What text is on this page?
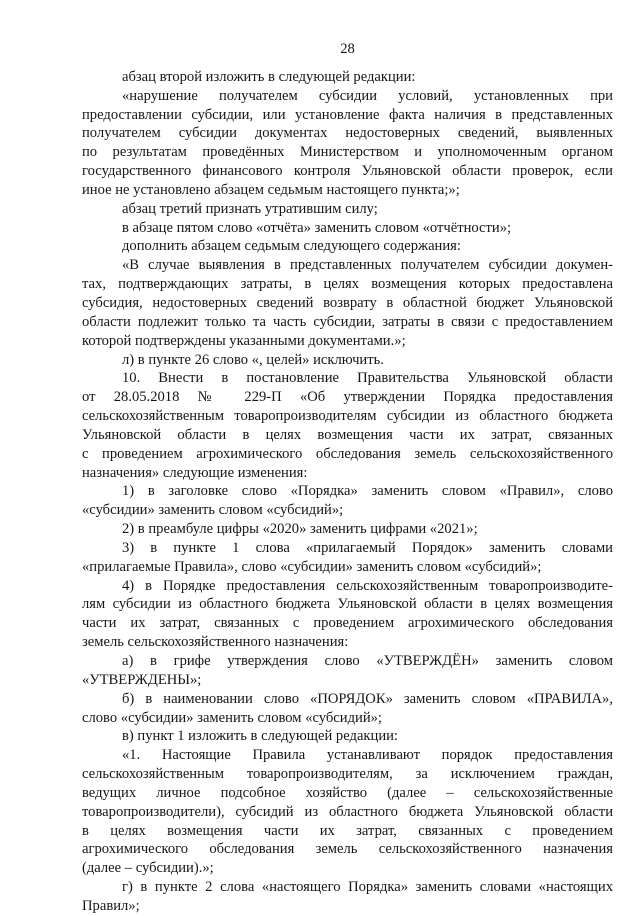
28

абзац второй изложить в следующей редакции:

«нарушение получателем субсидии условий, установленных при

предоставлении субсидии, или установление факта наличия в представленных

получателем субсидии документах недостоверных сведений, выявленных

по результатам проведённых Министерством и уполномоченным органом

государственного финансового контроля Ульяновской области проверок, если

иное не установлено абзацем седьмым настоящего пункта;»;

абзац третий признать утратившим силу;

в абзаце пятом слово «отчёта» заменить словом «отчётности»;

дополнить абзацем седьмым следующего содержания:

«В случае выявления в представленных получателем субсидии докумен-

тах, подтверждающих затраты, в целях возмещения которых предоставлена

субсидия, недостоверных сведений возврату в областной бюджет Ульяновской

области подлежит только та часть субсидии, затраты в связи с предоставлением

которой подтверждены указанными документами.»;

л) в пункте 26 слово «, целей» исключить.

10. Внести в постановление Правительства Ульяновской области

от 28.05.2018 № 229-П «Об утверждении Порядка предоставления

сельскохозяйственным товаропроизводителям субсидии из областного бюджета

Ульяновской области в целях возмещения части их затрат, связанных

с проведением агрохимического обследования земель сельскохозяйственного

назначения» следующие изменения:

1) в заголовке слово «Порядка» заменить словом «Правил», слово

«субсидии» заменить словом «субсидий»;

2) в преамбуле цифры «2020» заменить цифрами «2021»;

3) в пункте 1 слова «прилагаемый Порядок» заменить словами

«прилагаемые Правила», слово «субсидии» заменить словом «субсидий»;

4) в Порядке предоставления сельскохозяйственным товаропроизводите-

лям субсидии из областного бюджета Ульяновской области в целях возмещения

части их затрат, связанных с проведением агрохимического обследования

земель сельскохозяйственного назначения:

а) в грифе утверждения слово «УТВЕРЖДЁН» заменить словом

«УТВЕРЖДЕНЫ»;

б) в наименовании слово «ПОРЯДОК» заменить словом «ПРАВИЛА»,

слово «субсидии» заменить словом «субсидий»;

в) пункт 1 изложить в следующей редакции:

«1. Настоящие Правила устанавливают порядок предоставления

сельскохозяйственным товаропроизводителям, за исключением граждан,

ведущих личное подсобное хозяйство (далее – сельскохозяйственные

товаропроизводители), субсидий из областного бюджета Ульяновской области

в целях возмещения части их затрат, связанных с проведением

агрохимического обследования земель сельскохозяйственного назначения

(далее – субсидии).»;

г) в пункте 2 слова «настоящего Порядка» заменить словами «настоящих

Правил»;
